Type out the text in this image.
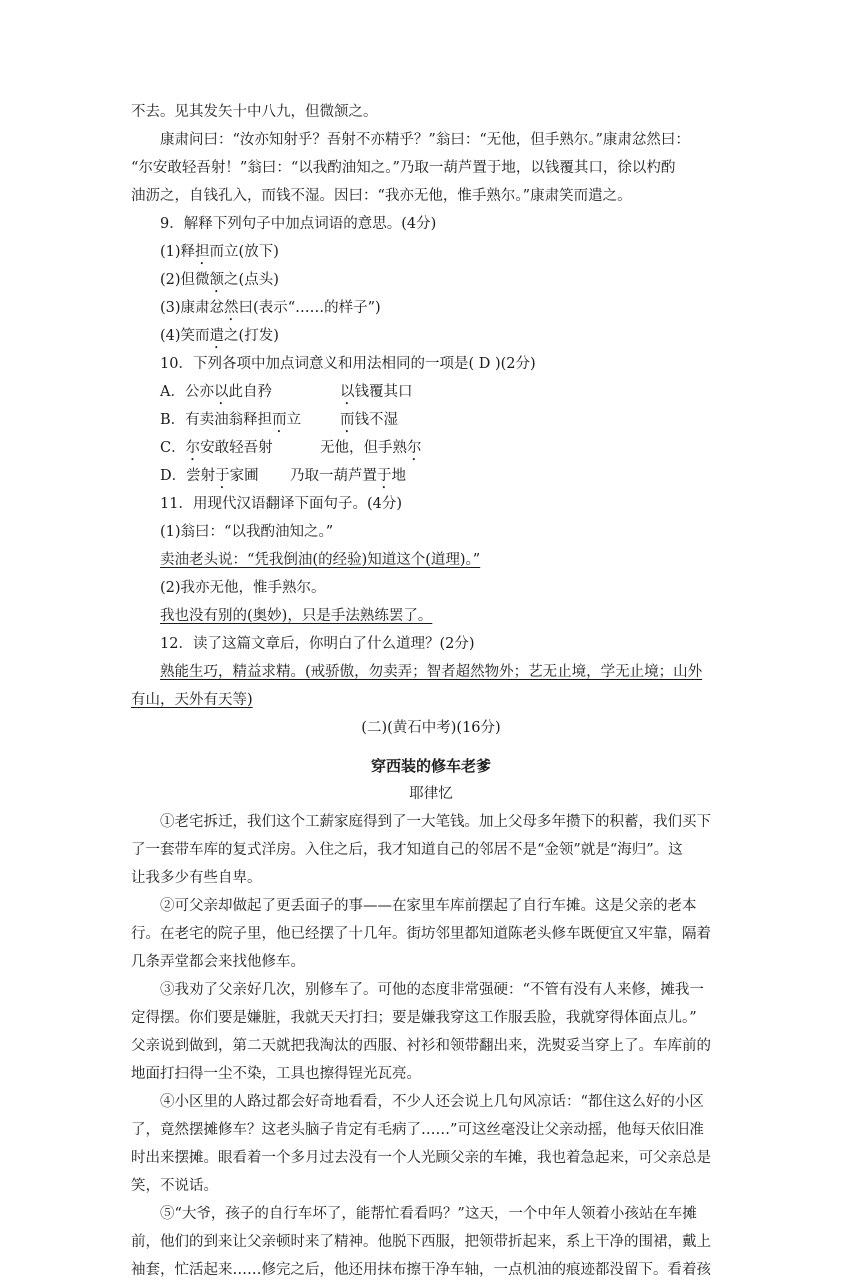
不去。见其发矢十中八九，但微颔之。
康肃问曰：“汝亦知射乎？吾射不亦精乎？”翁曰：“无他，但手熟尔。”康肃忿然曰：
“尔安敢轻吾射！”翁曰：“以我酌油知之。”乃取一葫芦置于地，以钱覆其口，徐以杓酌
油沥之，自钱孔入，而钱不湿。因曰：“我亦无他，惟手熟尔。”康肃笑而遣之。
9．解释下列句子中加点词语的意思。(4分)
(1)释担而立(放下)
(2)但微颔之(点头)
(3)康肃忿然曰(表示“……的样子”)
(4)笑而遣之(打发)
10．下列各项中加点词意义和用法相同的一项是( D )(2分)
A．公亦以此自矜	以钱覆其口
B．有卖油翁释担而立	而钱不湿
C．尔安敢轻吾射	无他，但手熟尔
D．尝射于家圃 乃取一葫芦置于地
11．用现代汉语翻译下面句子。(4分)
(1)翁曰：“以我酌油知之。”
卖油老头说：“凭我倒油(的经验)知道这个(道理)。”
(2)我亦无他，惟手熟尔。
我也没有别的(奥妙)，只是手法熟练罢了。
12．读了这篇文章后，你明白了什么道理？(2分)
熟能生巧，精益求精。(戒骄傲，勿卖弄；智者超然物外；艺无止境，学无止境；山外
有山，天外有天等)
(二)(黄石中考)(16分)
穿西装的修车老爹
耶律忆
①老宅拆迁，我们这个工薪家庭得到了一大笔钱。加上父母多年攒下的积蓄，我们买下
了一套带车库的复式洋房。入住之后，我才知道自己的邻居不是“金领”就是“海归”。这
让我多少有些自卑。
②可父亲却做起了更丢面子的事——在家里车库前摆起了自行车摊。这是父亲的老本
行。在老宅的院子里，他已经摆了十几年。街坊邻里都知道陈老头修车既便宜又牢靠，隔着
几条弄堂都会来找他修车。
③我劝了父亲好几次，别修车了。可他的态度非常强硬：“不管有没有人来修，摊我一
定得摆。你们要是嫌脏，我就天天打扫；要是嫌我穿这工作服丢脸，我就穿得体面点儿。”
父亲说到做到，第二天就把我淘汰的西服、衬衫和领带翻出来，洗熨妥当穿上了。车库前的
地面打扫得一尘不染，工具也擦得锃光瓦亮。
④小区里的人路过都会好奇地看看，不少人还会说上几句风凉话：“都住这么好的小区
了，竟然摆摊修车？这老头脑子肯定有毛病了……”可这丝毫没让父亲动摇，他每天依旧准
时出来摆摊。眼看着一个多月过去没有一个人光顾父亲的车摊，我也着急起来，可父亲总是
笑，不说话。
⑤“大爷，孩子的自行车坏了，能帮忙看看吗？”这天，一个中年人领着小孩站在车摊
前，他们的到来让父亲顿时来了精神。他脱下西服，把领带折起来，系上干净的围裙，戴上
袖套，忙活起来……修完之后，他还用抹布擦干净车轴，一点机油的痕迹都没留下。看着孩
